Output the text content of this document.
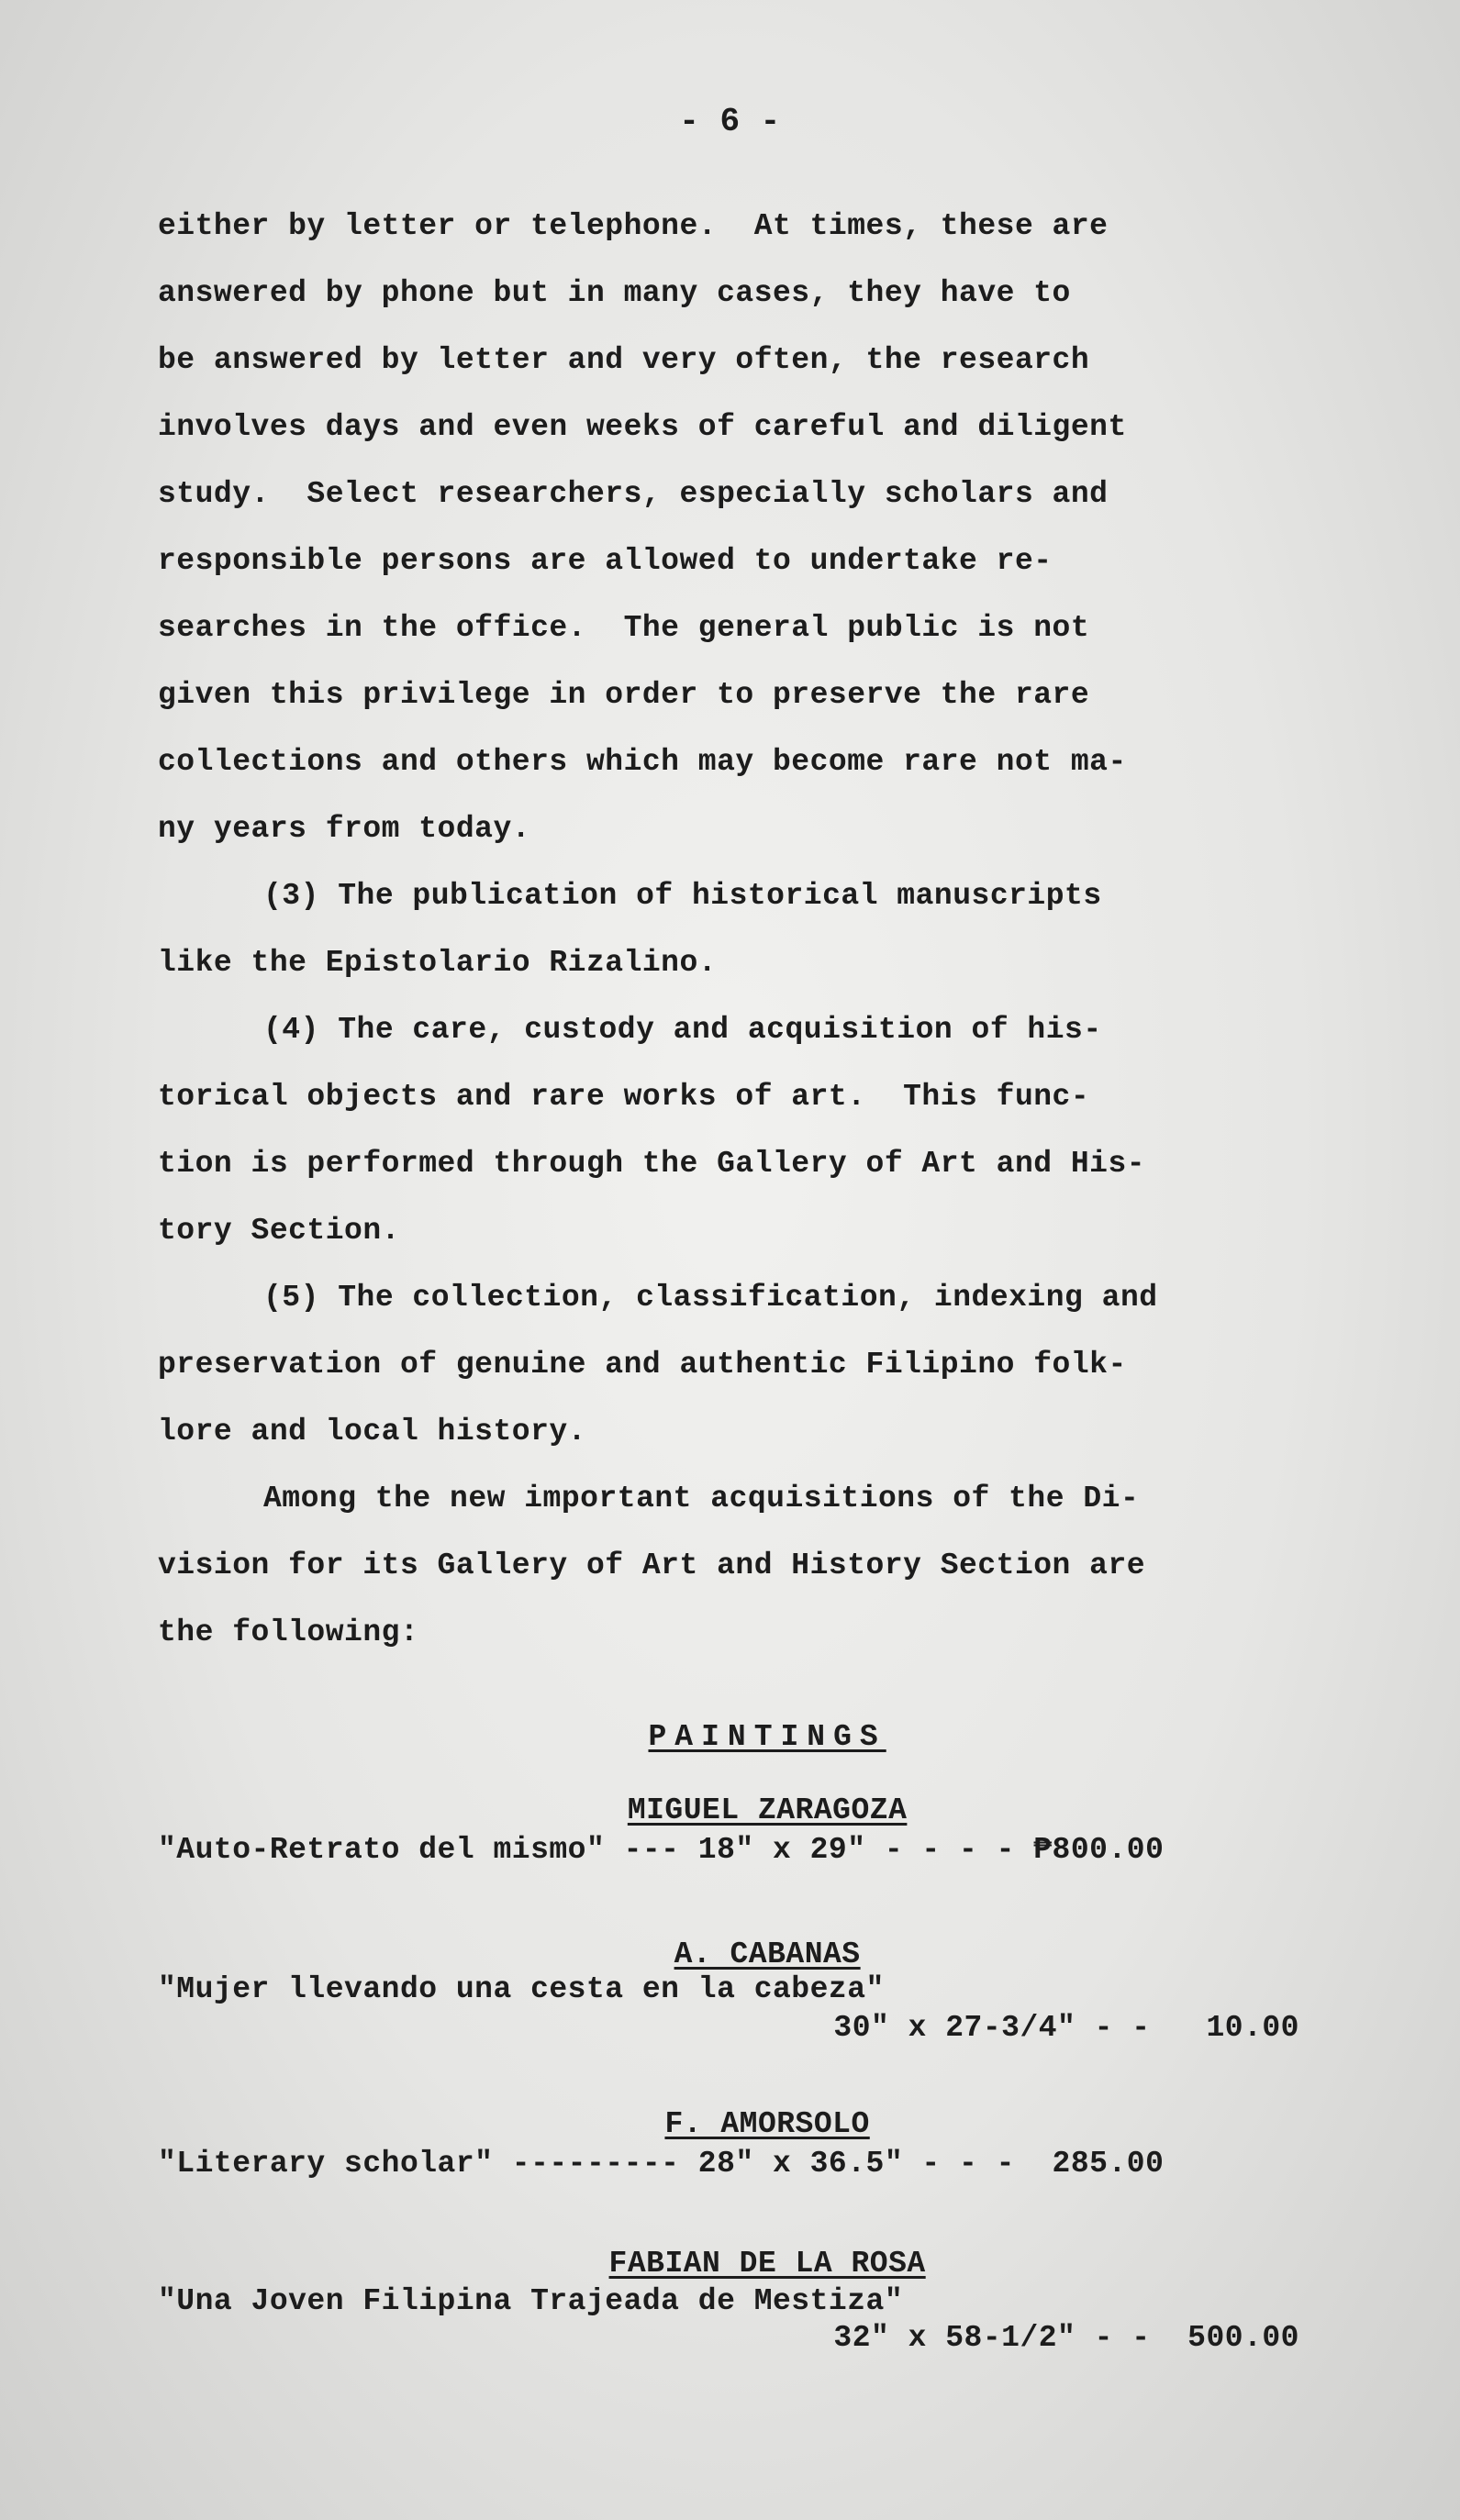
- 6 -
either by letter or telephone.  At times, these are
answered by phone but in many cases, they have to
be answered by letter and very often, the research
involves days and even weeks of careful and diligent
study.  Select researchers, especially scholars and
responsible persons are allowed to undertake re-
searches in the office.  The general public is not
given this privilege in order to preserve the rare
collections and others which may become rare not ma-
ny years from today.
(3) The publication of historical manuscripts
like the Epistolario Rizalino.
(4) The care, custody and acquisition of his-
torical objects and rare works of art.  This func-
tion is performed through the Gallery of Art and His-
tory Section.
(5) The collection, classification, indexing and
preservation of genuine and authentic Filipino folk-
lore and local history.
Among the new important acquisitions of the Di-
vision for its Gallery of Art and History Section are
the following:

PAINTINGS

MIGUEL ZARAGOZA

"Auto-Retrato del mismo" --- 18" x 29" - - - - ₱800.00

A. CABANAS

"Mujer llevando una cesta en la cabeza"
30" x 27-3/4" - -   10.00

F. AMORSOLO

"Literary scholar" --------- 28" x 36.5" - - -  285.00

FABIAN DE LA ROSA

"Una Joven Filipina Trajeada de Mestiza"
32" x 58-1/2" - -  500.00
